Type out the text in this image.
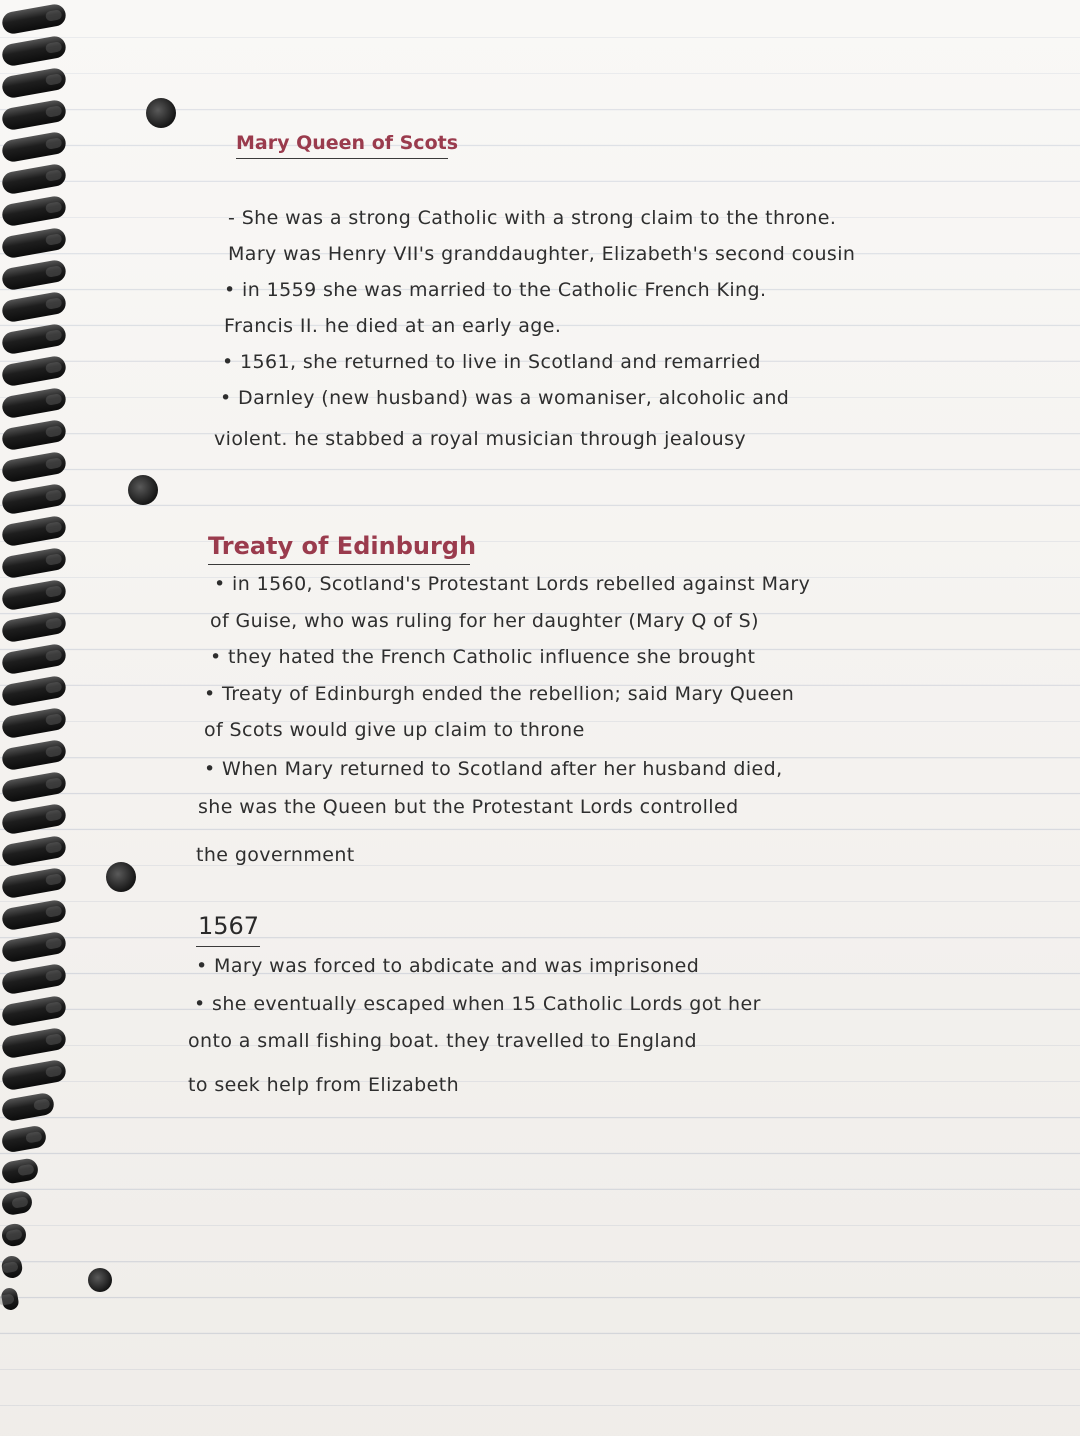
Mary Queen of Scots
- She was a strong Catholic with a strong claim to the throne.
Mary was Henry VII's granddaughter, Elizabeth's second cousin
• in 1559 she was married to the Catholic French King.
Francis II. he died at an early age.
• 1561, she returned to live in Scotland and remarried
• Darnley (new husband) was a womaniser, alcoholic and
violent. he stabbed a royal musician through jealousy
Treaty of Edinburgh
• in 1560, Scotland's Protestant Lords rebelled against Mary
of Guise, who was ruling for her daughter (Mary Q of S)
• they hated the French Catholic influence she brought
• Treaty of Edinburgh ended the rebellion; said Mary Queen
of Scots would give up claim to throne
• When Mary returned to Scotland after her husband died,
she was the Queen but the Protestant Lords controlled
the government
1567
• Mary was forced to abdicate and was imprisoned
• she eventually escaped when 15 Catholic Lords got her
onto a small fishing boat. they travelled to England
to seek help from Elizabeth
